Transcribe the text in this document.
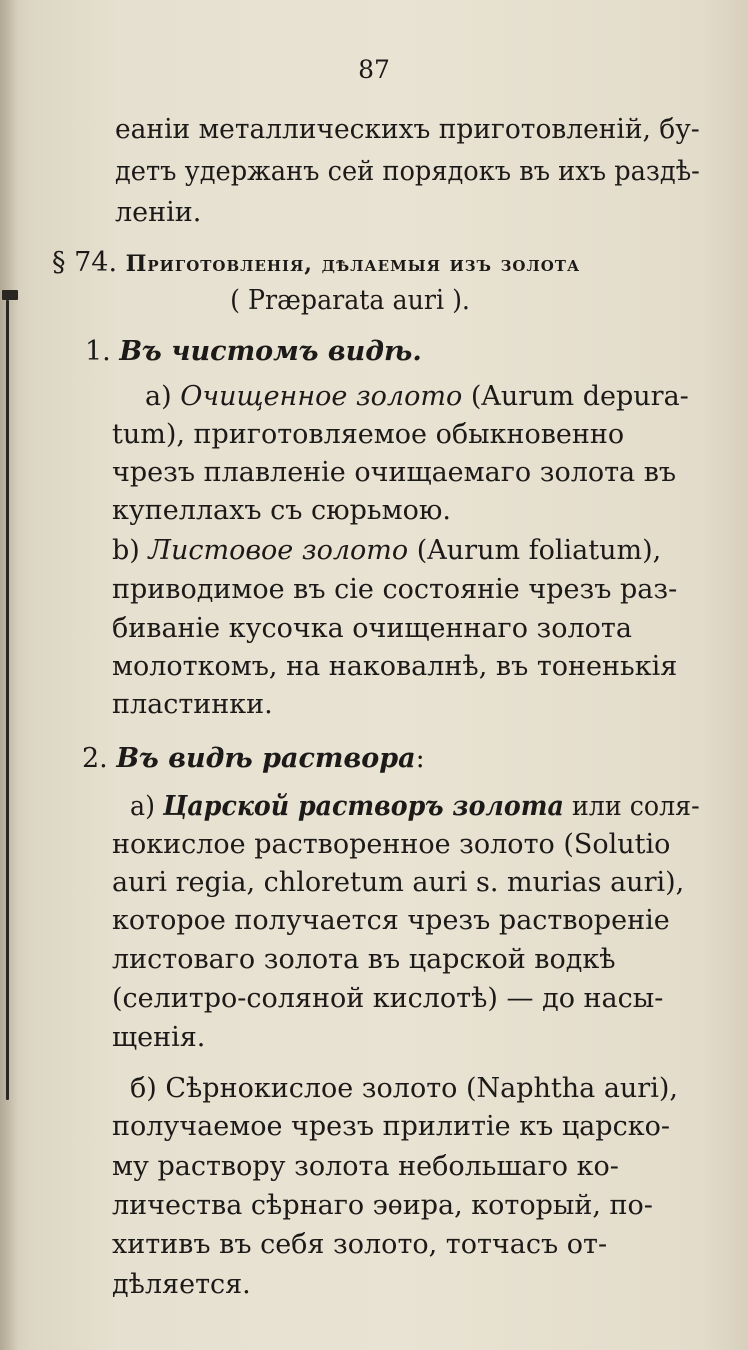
87

еаніи металлическихъ приготовленій, бу-

детъ удержанъ сей порядокъ въ ихъ раздѣ-

леніи.

§ 74. Приготовленія, дѣлаемыя изъ золота

( Præparata auri ).

1. Въ чистомъ видѣ.

a) Очищенное золото (Aurum depura-

tum), приготовляемое обыкновенно

чрезъ плавленіе очищаемаго золота въ

купеллахъ съ сюрьмою.

b) Листовое золото (Aurum foliatum),

приводимое въ сіе состояніе чрезъ раз-

биваніе кусочка очищеннаго золота

молоткомъ, на наковалнѣ, въ тоненькія

пластинки.

2. Въ видѣ раствора:

a) Царской растворъ золота или соля-

нокислое растворенное золото (Solutio

auri regia, chloretum auri s. murias auri),

которое получается чрезъ раствореніе

листоваго золота въ царской водкѣ

(селитро-соляной кислотѣ) — до насы-

щенія.

б) Сѣрнокислое золото (Naphtha auri),

получаемое чрезъ прилитіе къ царско-

му раствору золота небольшаго ко-

личества сѣрнаго эѳира, который, по-

хитивъ въ себя золото, тотчасъ от-

дѣляется.
